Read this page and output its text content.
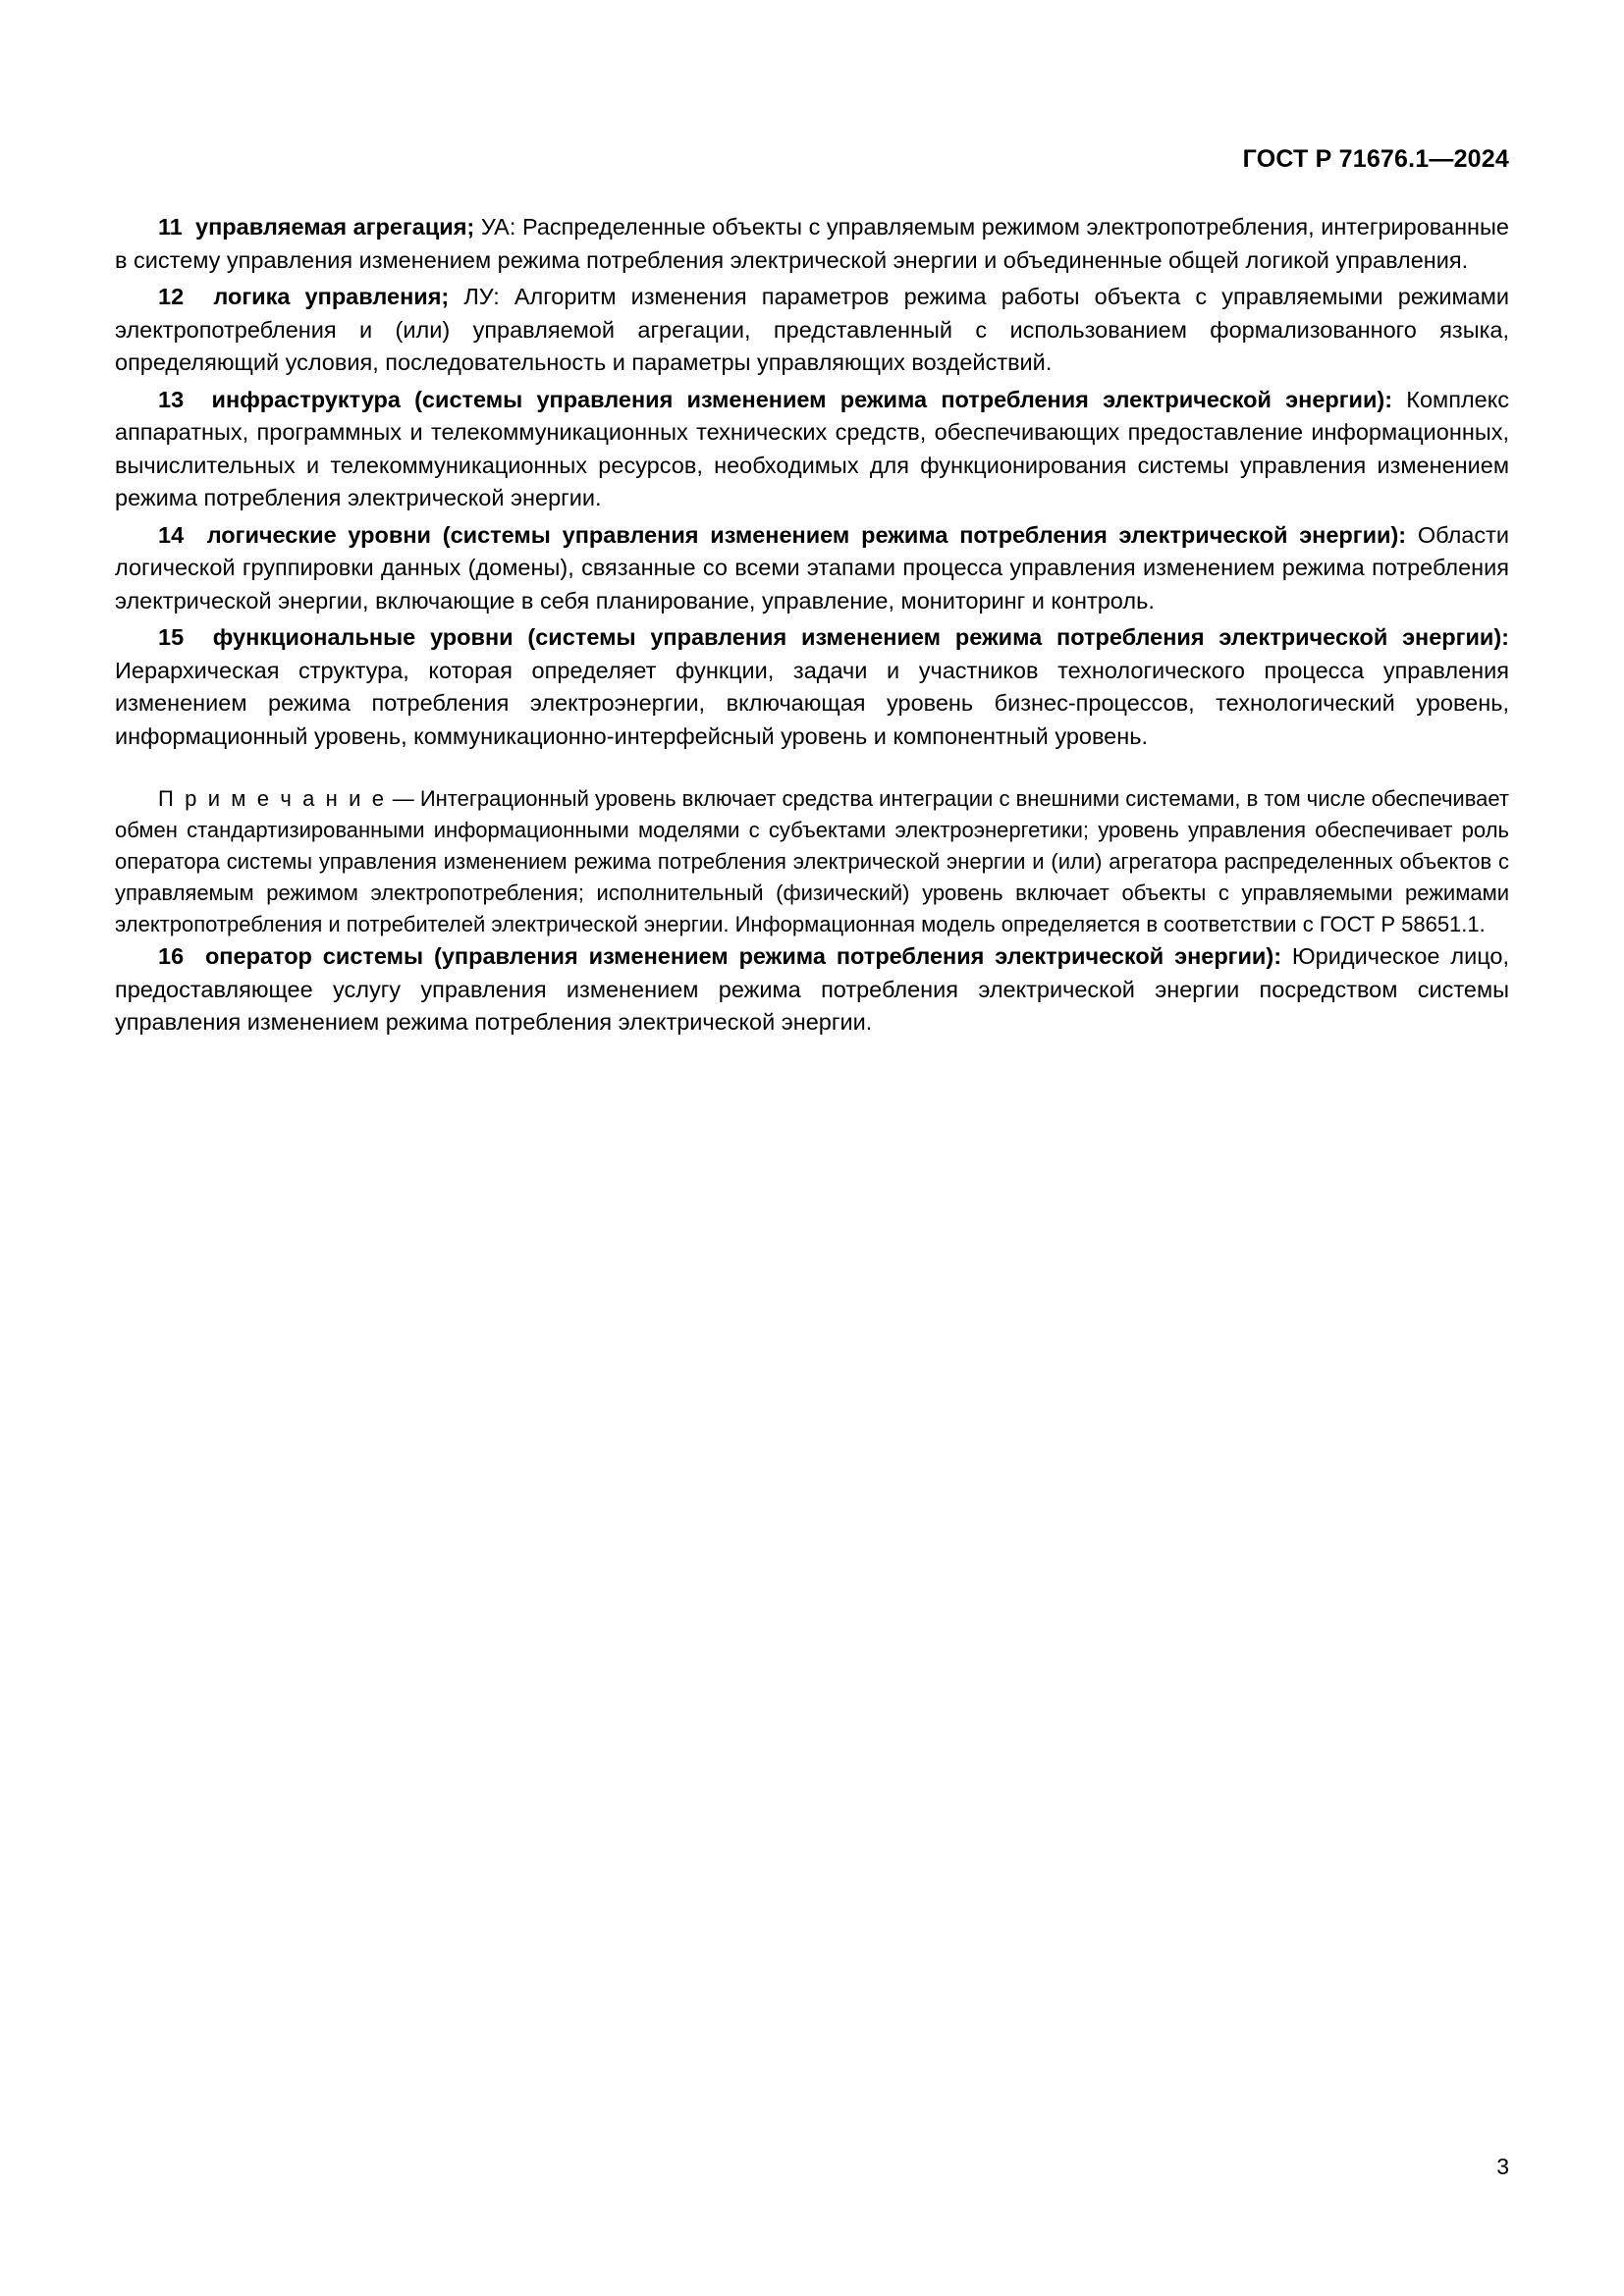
ГОСТ Р 71676.1—2024

11 управляемая агрегация; УА: Распределенные объекты с управляемым режимом электропотребления, интегрированные в систему управления изменением режима потребления электрической энергии и объединенные общей логикой управления.

12 логика управления; ЛУ: Алгоритм изменения параметров режима работы объекта с управляемыми режимами электропотребления и (или) управляемой агрегации, представленный с использованием формализованного языка, определяющий условия, последовательность и параметры управляющих воздействий.

13 инфраструктура (системы управления изменением режима потребления электрической энергии): Комплекс аппаратных, программных и телекоммуникационных технических средств, обеспечивающих предоставление информационных, вычислительных и телекоммуникационных ресурсов, необходимых для функционирования системы управления изменением режима потребления электрической энергии.

14 логические уровни (системы управления изменением режима потребления электрической энергии): Области логической группировки данных (домены), связанные со всеми этапами процесса управления изменением режима потребления электрической энергии, включающие в себя планирование, управление, мониторинг и контроль.

15 функциональные уровни (системы управления изменением режима потребления электрической энергии): Иерархическая структура, которая определяет функции, задачи и участников технологического процесса управления изменением режима потребления электроэнергии, включающая уровень бизнес-процессов, технологический уровень, информационный уровень, коммуникационно-интерфейсный уровень и компонентный уровень.

П р и м е ч а н и е — Интеграционный уровень включает средства интеграции с внешними системами, в том числе обеспечивает обмен стандартизированными информационными моделями с субъектами электроэнергетики; уровень управления обеспечивает роль оператора системы управления изменением режима потребления электрической энергии и (или) агрегатора распределенных объектов с управляемым режимом электропотребления; исполнительный (физический) уровень включает объекты с управляемыми режимами электропотребления и потребителей электрической энергии. Информационная модель определяется в соответствии с ГОСТ Р 58651.1.

16 оператор системы (управления изменением режима потребления электрической энергии): Юридическое лицо, предоставляющее услугу управления изменением режима потребления электрической энергии посредством системы управления изменением режима потребления электрической энергии.

3
